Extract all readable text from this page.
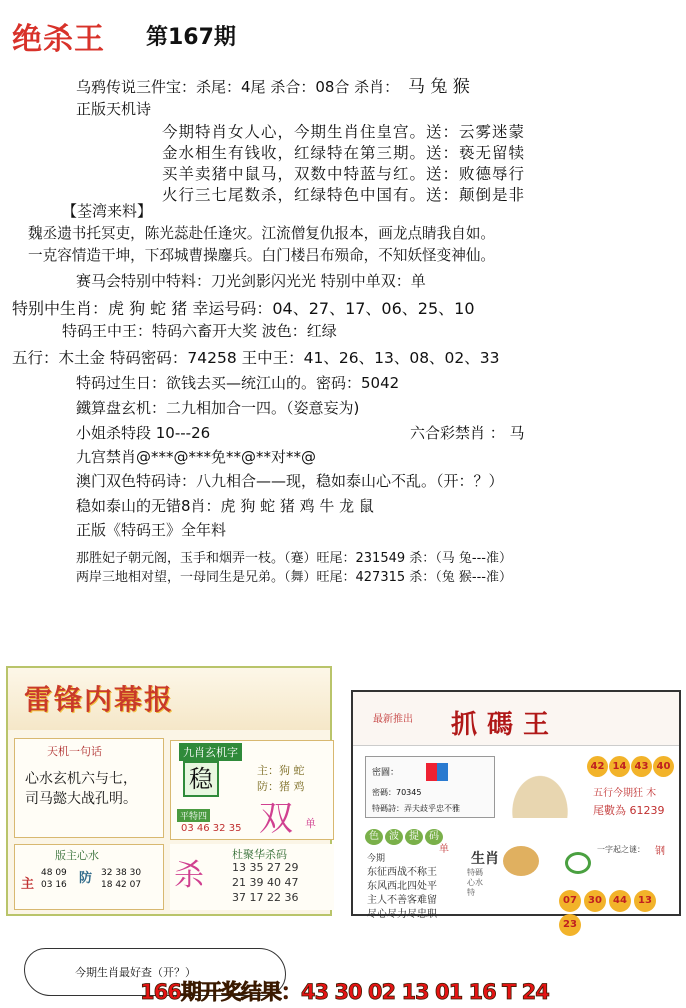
绝杀王 第167期
乌鸦传说三件宝：杀尾：4尾 杀合：08合 杀肖： 马 兔 猴
正版天机诗
今期特肖女人心，今期生肖住皇宫。送：云雾迷蒙
金水相生有钱收，红绿特在第三期。送：亵无留犊
买羊卖猪中鼠马，双数中特蓝与红。送：败德辱行
火行三七尾数杀，红绿特色中国有。送：颠倒是非
【荃湾来料】
魏丞遗书托冥吏，陈光蕊赴任逢灾。江流僧复仇报本，画龙点睛我自如。
一克容情造干坤，下邳城曹操鏖兵。白门楼吕布殒命，不知妖怪变神仙。
赛马会特别中特料：刀光剑影闪光光 特别中单双：单
特别中生肖：虎 狗 蛇 猪 幸运号码：04、27、17、06、25、10
特码王中王：特码六畜开大奖 波色：红绿
五行：木土金 特码密码：74258 王中王：41、26、13、08、02、33
特码过生日：欲钱去买—统江山的。密码：5042
鐵算盘玄机：二九相加合一四。（姿意妄为)
小姐杀特段 10---26	六合彩禁肖 ： 马
九宫禁肖@***@***免**@**对**@
澳门双色特码诗：八九相合——现，稳如泰山心不乱。（开：？）
稳如泰山的无错8肖：虎 狗 蛇 猪 鸡 牛 龙 鼠
正版《特码王》全年料
那胜妃子朝元阁，玉手和烟弄一枝。（蹇）旺尾：231549 杀：（马 兔---准）
两岸三地相对望，一母同生是兄弟。（舞）旺尾：427315 杀：（兔 猴---准）
雷锋内幕报
天机一句话
心水玄机六与七，
司马懿大战孔明。
九肖玄机字
稳	主：狗 蛇
防：猪 鸡
平特四
03 46 32 35 双 单
版主心水
主
48 09
03 16 防 32 38 30
18 42 07 杀
杜聚华杀码
13 35 27 29
21 39 40 47
37 17 22 36
最新推出 抓碼王
密圖：
密碼：70345
特碼詩：弄夫歧乎忠不雅
42 14 43 40
五行今期狂 木
尾數為 61239
色 波 提 码
单
今期
东征西战不称王
东风西北四处平
主人不善客难留
尽心尽力尽忠职
生肖
特碼
心水
特
一字起之谜： 钢
07 30 44 1323
今期生肖最好查（开？）
166期开奖结果：43 30 02 13 01 16 T 24
